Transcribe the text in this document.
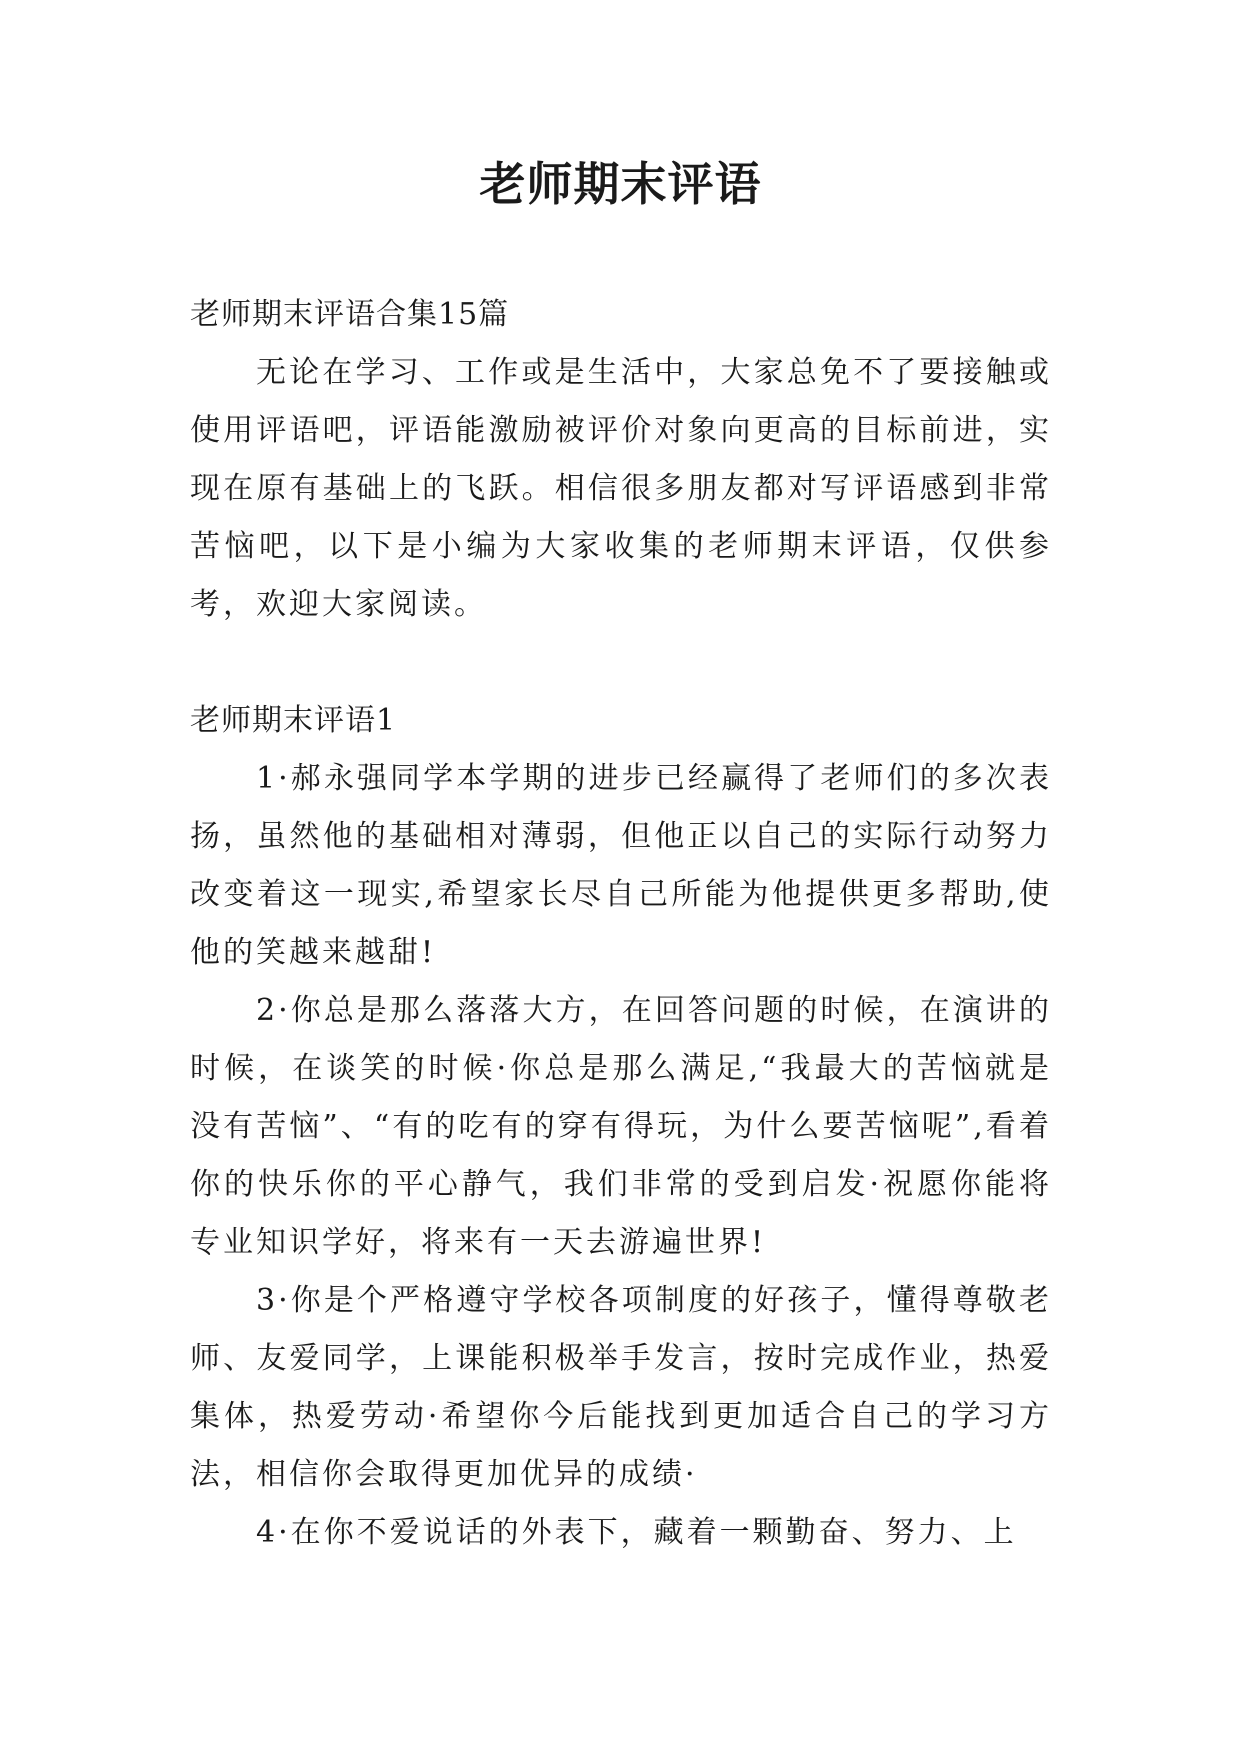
老师期末评语

老师期末评语合集15篇

无论在学习、工作或是生活中，大家总免不了要接触或使用评语吧，评语能激励被评价对象向更高的目标前进，实现在原有基础上的飞跃。相信很多朋友都对写评语感到非常苦恼吧，以下是小编为大家收集的老师期末评语，仅供参考，欢迎大家阅读。

老师期末评语1

1·郝永强同学本学期的进步已经赢得了老师们的多次表扬，虽然他的基础相对薄弱，但他正以自己的实际行动努力改变着这一现实,希望家长尽自己所能为他提供更多帮助,使他的笑越来越甜!

2·你总是那么落落大方，在回答问题的时候，在演讲的时候，在谈笑的时候·你总是那么满足,“我最大的苦恼就是没有苦恼”、“有的吃有的穿有得玩，为什么要苦恼呢”,看着你的快乐你的平心静气，我们非常的受到启发·祝愿你能将专业知识学好，将来有一天去游遍世界!

3·你是个严格遵守学校各项制度的好孩子，懂得尊敬老师、友爱同学，上课能积极举手发言，按时完成作业，热爱集体，热爱劳动·希望你今后能找到更加适合自己的学习方法，相信你会取得更加优异的成绩·

4·在你不爱说话的外表下，藏着一颗勤奋、努力、上
